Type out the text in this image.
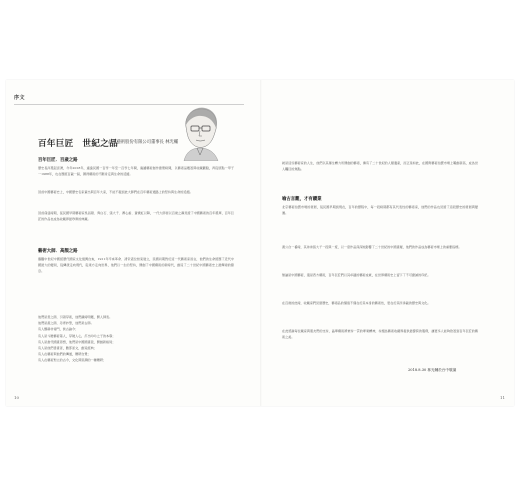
序文
百年巨匠　世紀之品
晶華藝術股份有限公司董事長 林光輔
百年巨匠．百歲之路

歷史長河風起雲湧，今年2018年，適逢民國一百零一年至一百零七年間，遍讀藝術創作總冊時間，以藝術品鑑賞與收藏觀點，再從原點一甲子一1988年，也在歷經百載一屆，獲得藝術的不斷肯定與生命的延續。

回首中國藝術史上，中國歷史名家輩出與百年大家，不能不提到此大師們在百年藝術道路上的堅持與生命的延續。

回首鼎盛時期，從民國早期藝術家吳昌碩、齊白石、張大千、溥心畬、黃賓虹以降，一代大師皆以百歲之壽見證了中國藝術的百年風華，百年巨匠的作品也成為收藏界最珍貴的典藏。

藝術大師．高顏之路

鵝鵬中世紀中國經歷代國家文化復興自來，1911年辛亥革命、清帝遜位結束建立，民國初期對於這一代藝術家而言，他們的生命經歷了近代中國最大的變局，從傳統走向現代，從東方走向世界，他們以一生的堅持，開創了中國藝術的新時代，創造了二十世紀中國藝術史上最輝煌的篇章。

他們是書之師，引領學術，他們識時明鑑，開人師表。
他們是畫之師，丹青妙筆，他們是古師。
有人顯赫非常門，談古論今；
有人是斗膽藝術第人，學破人心，打出吟吟之子的本尊；
有人是當代國畫思想，他們是中國國畫派，開創新格局；
有人是他們書畫者，數部而文，創造經典；
有人在藝術與他們的傳道，鑽研自覺；
有人在藝術對立的古今，文化與思潮的一種鑽研；

就是這些藝術家的人生，他們以其畢生精力所開創的藝術，擁有了二十世紀的人類遺產，而正是如此，在國際藝術拍賣市場上屢創新高，成為世人矚目的焦點。

喻古言觀，才有鑽業

北京藝術拍賣市場的發展，從民國早期到現在，百年的歷程中，每一段時期都有其代表性的藝術家，他們的作品也見證了這段歷史的發展與變遷。

黃公台一番時，其弟弟張大千一段與一度，以一度作品深深地影響了二十世紀的中國畫壇，他們的作品成為藝術市場上的重要指標。

無論是中國藝術，還是西方藝術，百年巨匠們以其卓越的藝術成就，在世界藝術史上留下了不可磨滅的印記。

在百歲的此時，收藏家們見證歷史，藝術品的價值不僅在於其本身的藝術性，更在於其所承載的歷史與文化。

在此感謝每位藏家與朋友們的支持，晶華藝術將秉持一貫的專業精神，持續為藝術收藏界提供最優質的服務，讓更多人能夠欣賞到百年巨匠的藝術之美。

2018.8.30 林光輔於台中敬識
10	11
